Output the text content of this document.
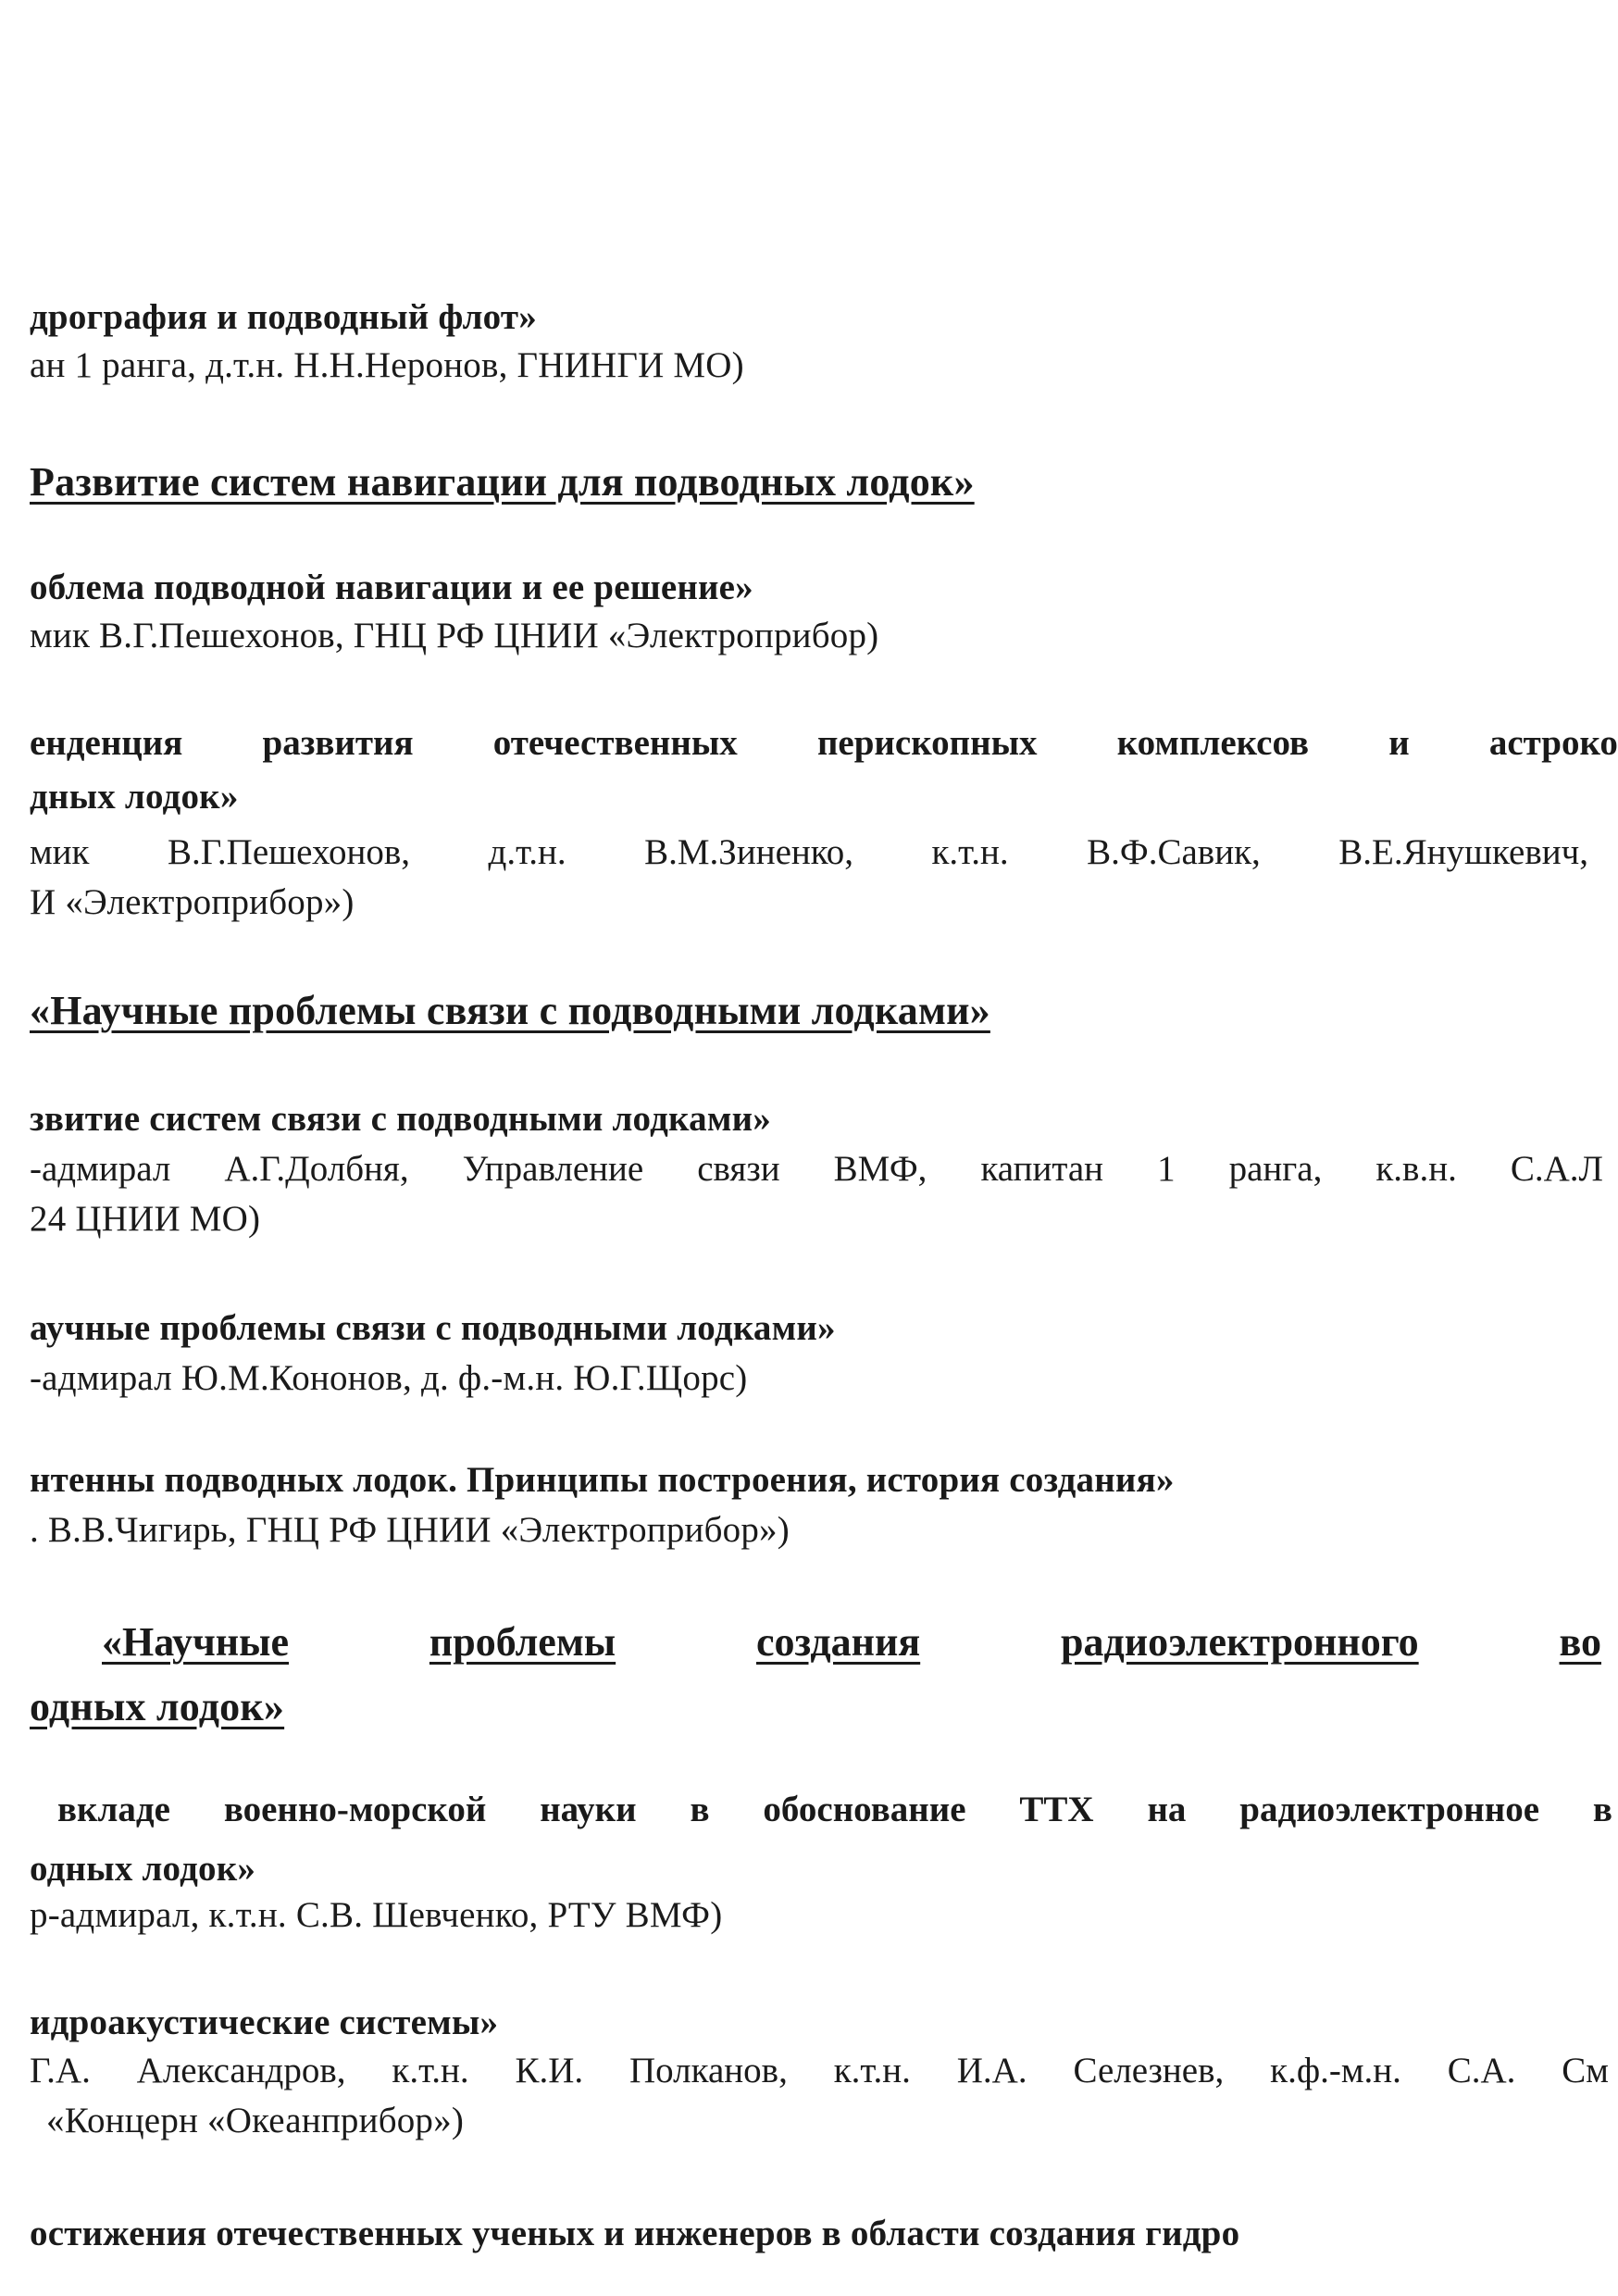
дрография и подводный флот»
ан 1 ранга, д.т.н. Н.Н.Неронов, ГНИНГИ МО)
Развитие систем навигации для подводных лодок»
облема подводной навигации и ее решение»
мик В.Г.Пешехонов, ГНЦ РФ ЦНИИ «Электроприбор)
енденция развития отечественных перископных комплексов и астроко
дных лодок»
мик В.Г.Пешехонов, д.т.н. В.М.Зиненко, к.т.н. В.Ф.Савик, В.Е.Янушкевич,
И «Электроприбор»)
«Научные проблемы связи с подводными лодками»
звитие систем связи с подводными лодками»
-адмирал А.Г.Долбня, Управление связи ВМФ, капитан 1 ранга, к.в.н. С.А.Л
24 ЦНИИ МО)
аучные проблемы связи с подводными лодками»
-адмирал Ю.М.Кононов, д. ф.-м.н. Ю.Г.Щорс)
нтенны подводных лодок. Принципы построения, история создания»
. В.В.Чигирь, ГНЦ РФ ЦНИИ «Электроприбор»)
«Научные	проблемы	создания	радиоэлектронного	во
одных лодок»
вкладе военно-морской науки в обоснование ТТХ на радиоэлектронное в
одных лодок»
р-адмирал, к.т.н. С.В. Шевченко, РТУ ВМФ)
идроакустические системы»
Г.А. Александров, к.т.н. К.И. Полканов, к.т.н. И.А. Селезнев, к.ф.-м.н. С.А. См
«Концерн «Океанприбор»)
остижения отечественных ученых и инженеров в области создания гидро
